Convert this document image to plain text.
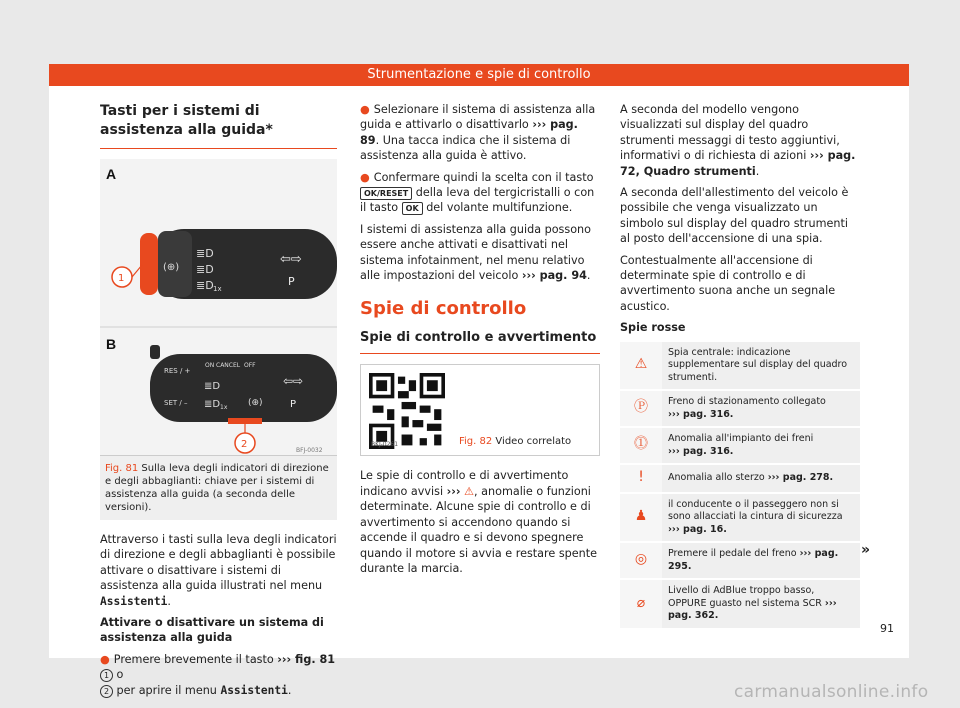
Strumentazione e spie di controllo
Tasti per i sistemi di assistenza alla guida*
A
(⊕)
≣D
≣D
≣D 1x
⇦⇨
P
1
B
RES / +
SET / –
ON CANCEL OFF
≣D
≣D 1x (⊕)
⇦⇨
P
2
BFJ-0032
Fig. 81 Sulla leva degli indicatori di direzione e degli abbaglianti: chiave per i sistemi di assistenza alla guida (a seconda delle versioni).

Attraverso i tasti sulla leva degli indicatori di direzione e degli abbaglianti è possibile attivare o disattivare i sistemi di assistenza alla guida illustrati nel menu Assistenti.

Attivare o disattivare un sistema di assistenza alla guida

● Premere brevemente il tasto ››› fig. 81 1 o
2 per aprire il menu Assistenti.

● Selezionare il sistema di assistenza alla guida e attivarlo o disattivarlo ››› pag. 89. Una tacca indica che il sistema di assistenza alla guida è attivo.

● Confermare quindi la scelta con il tasto OK/RESET della leva del tergicristalli o con il tasto OK del volante multifunzione.

I sistemi di assistenza alla guida possono essere anche attivati e disattivati nel sistema infotainment, nel menu relativo alle impostazioni del veicolo ››› pag. 94.

Spie di controllo
Spie di controllo e avvertimento
BKJ-0261	Fig. 82 Video correlato

Le spie di controllo e di avvertimento indicano avvisi ››› ⚠, anomalie o funzioni determinate. Alcune spie di controllo e di avvertimento si accendono quando si accende il quadro e si devono spegnere quando il motore si avvia e restare spente durante la marcia.

A seconda del modello vengono visualizzati sul display del quadro strumenti messaggi di testo aggiuntivi, informativi o di richiesta di azioni ››› pag. 72, Quadro strumenti.

A seconda dell'allestimento del veicolo è possibile che venga visualizzato un simbolo sul display del quadro strumenti al posto dell'accensione di una spia.

Contestualmente all'accensione di determinate spie di controllo e di avvertimento suona anche un segnale acustico.

Spie rosse

⚠	Spia centrale: indicazione supplementare sul display del quadro strumenti.
Ⓟ	Freno di stazionamento collegato
››› pag. 316.
⓵	Anomalia all'impianto dei freni
››› pag. 316.
!	Anomalia allo sterzo ››› pag. 278.
♟	il conducente o il passeggero non si sono allacciati la cintura di sicurezza
››› pag. 16.
◎	Premere il pedale del freno ››› pag. 295.
⌀	Livello di AdBlue troppo basso, OPPURE guasto nel sistema SCR ››› pag. 362.
»
91
carmanualsonline.info
